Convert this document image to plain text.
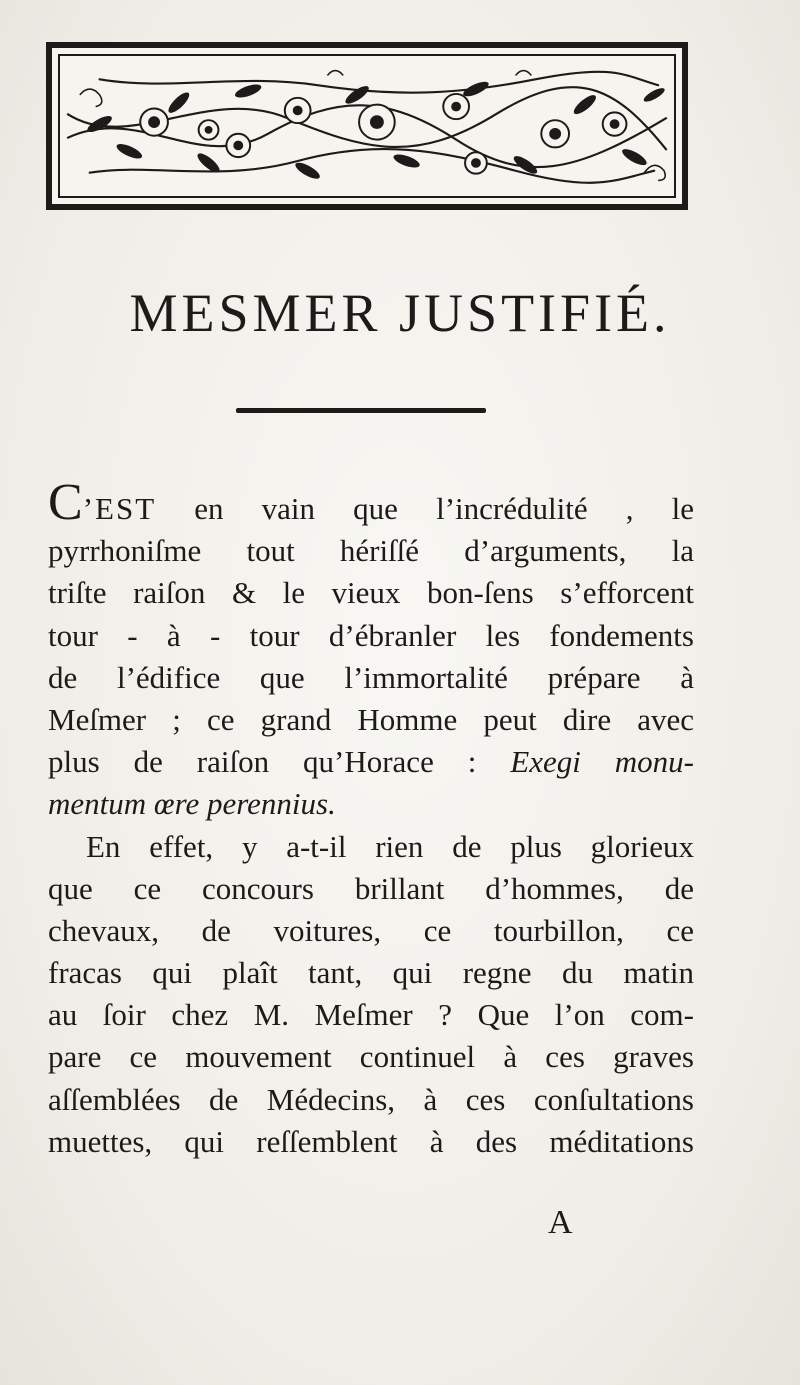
MESMER JUSTIFIÉ.
C’EST en vain que l’incrédulité , le
pyrrhoniſme tout hériſſé d’arguments, la
triſte raiſon & le vieux bon-ſens s’efforcent
tour - à - tour d’ébranler les fondements
de l’édifice que l’immortalité prépare à
Meſmer ; ce grand Homme peut dire avec
plus de raiſon qu’Horace : Exegi monu-
mentum œre perennius.
En effet, y a-t-il rien de plus glorieux
que ce concours brillant d’hommes, de
chevaux, de voitures, ce tourbillon, ce
fracas qui plaît tant, qui regne du matin
au ſoir chez M. Meſmer ? Que l’on com-
pare ce mouvement continuel à ces graves
aſſemblées de Médecins, à ces conſultations
muettes, qui reſſemblent à des méditations
A
